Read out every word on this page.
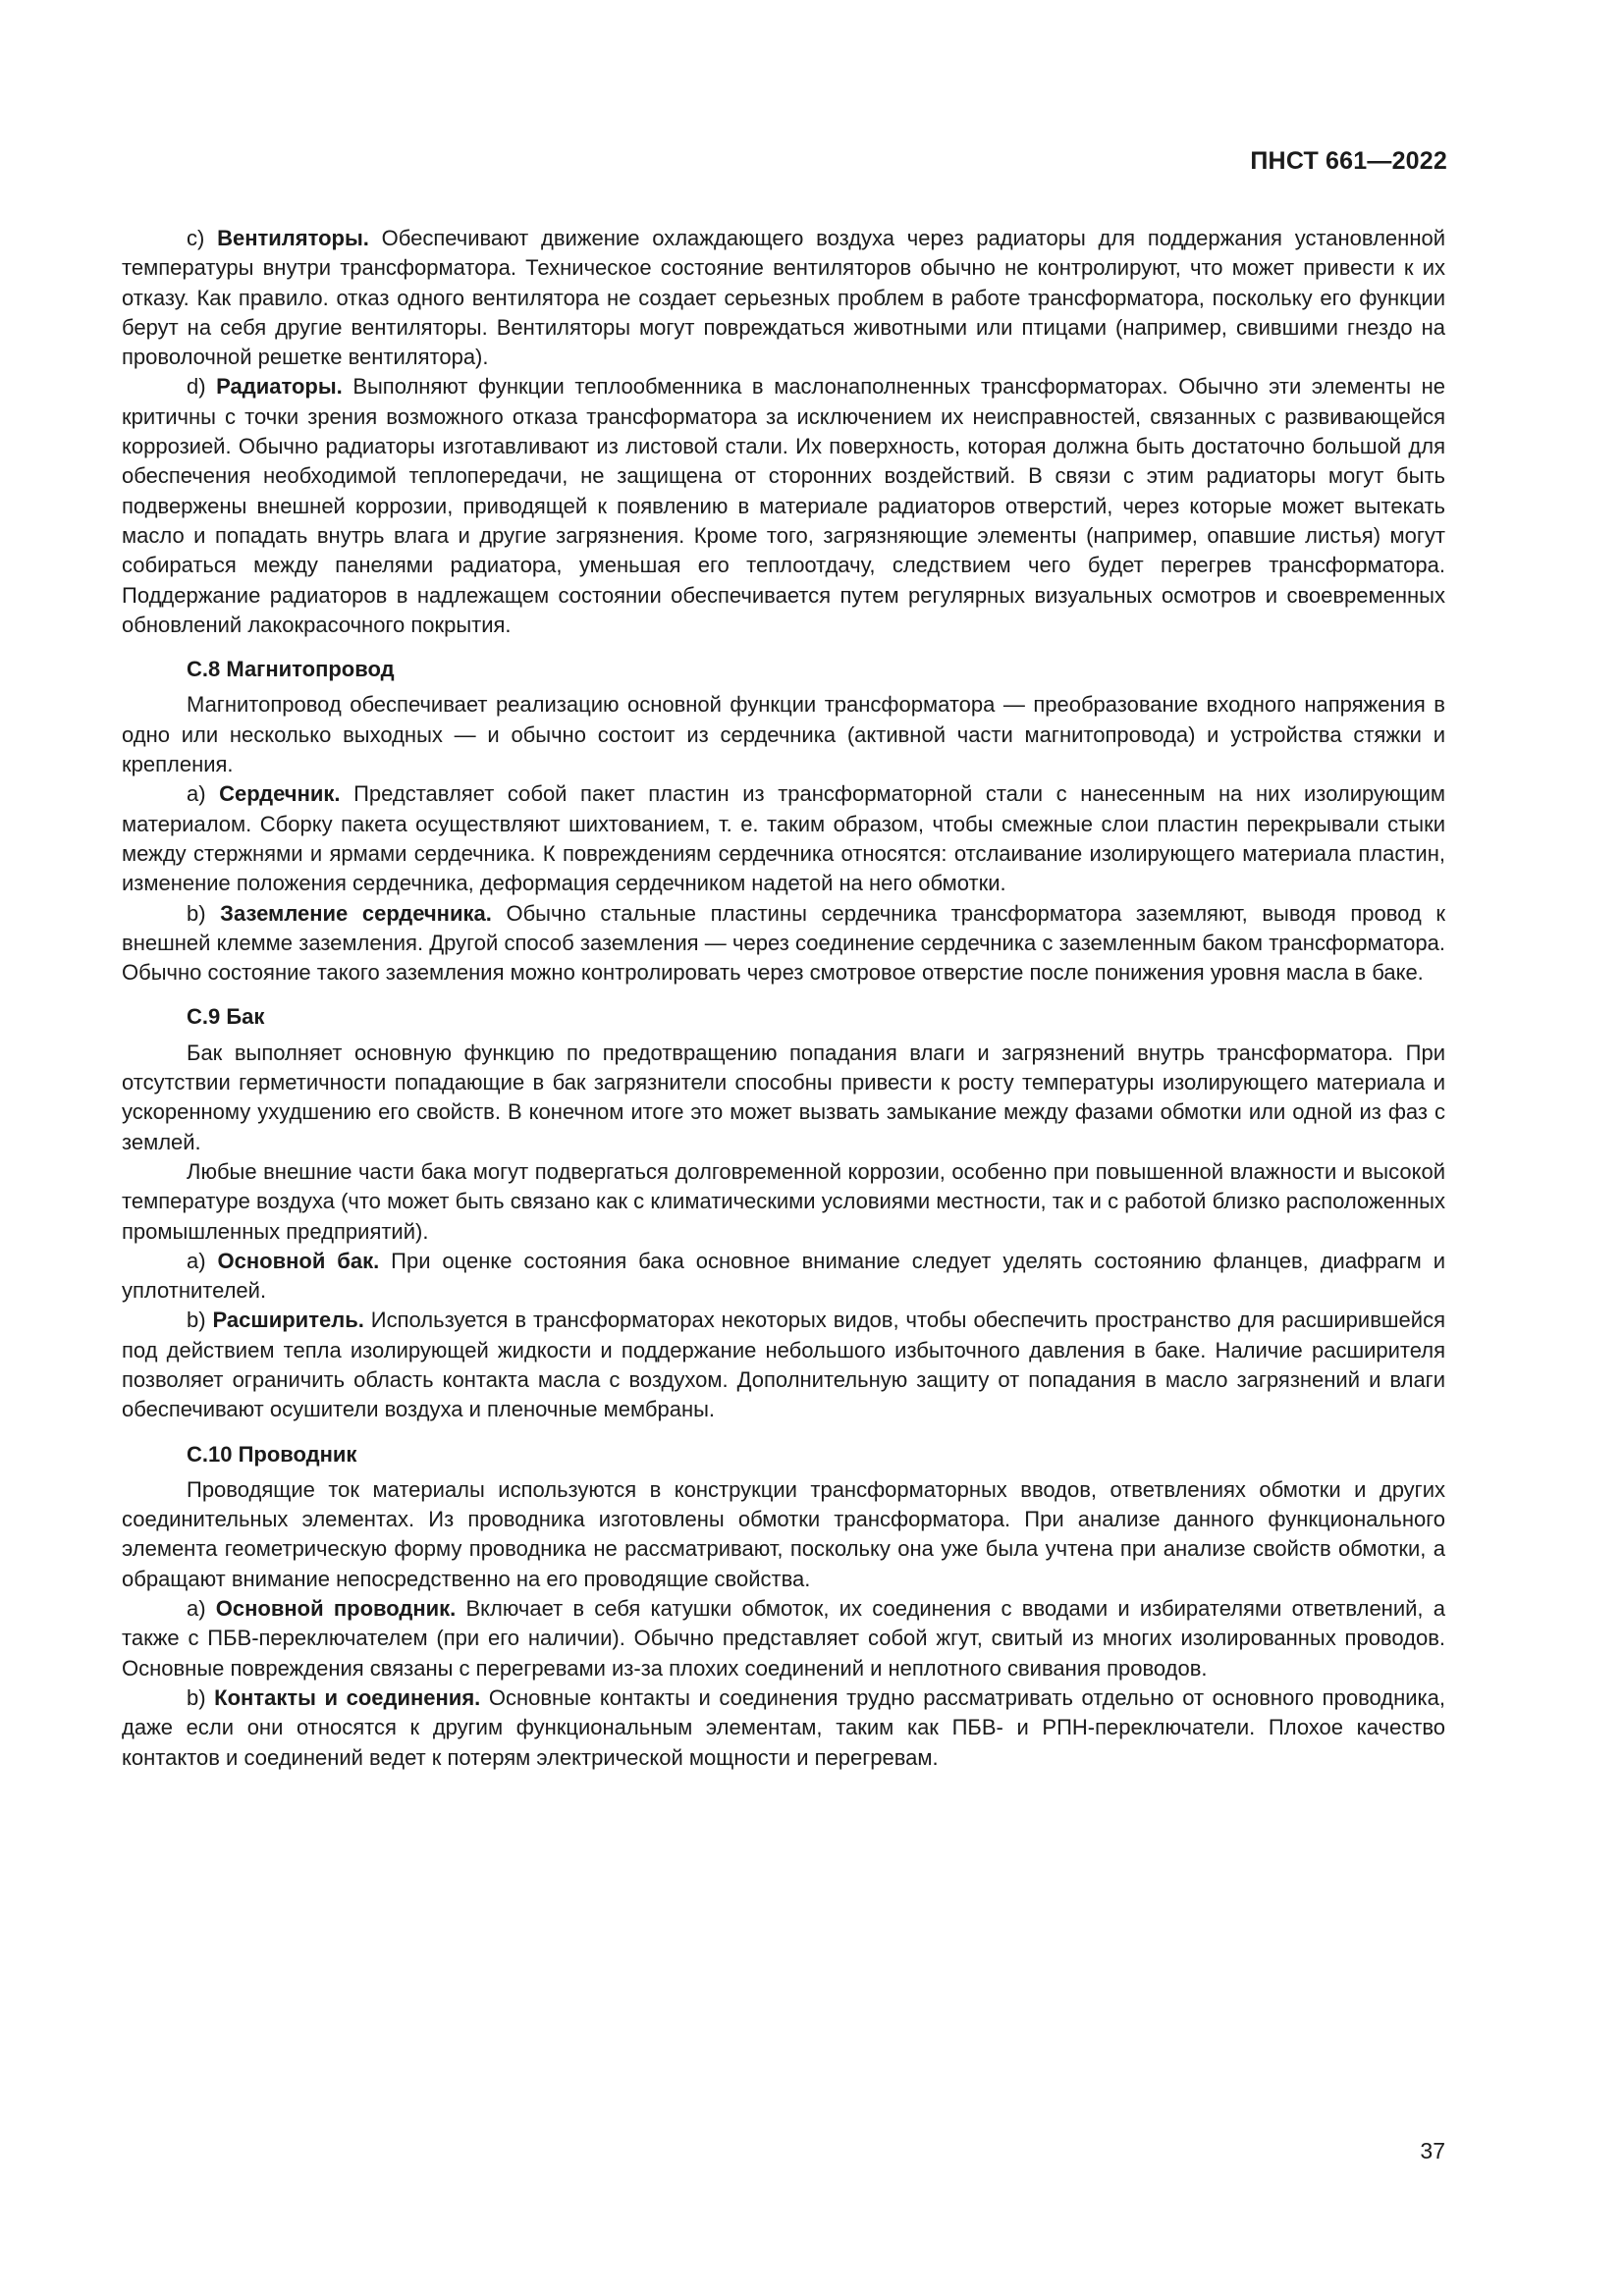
ПНСТ 661—2022

c) Вентиляторы. Обеспечивают движение охлаждающего воздуха через радиаторы для поддержания установленной температуры внутри трансформатора. Техническое состояние вентиляторов обычно не контролируют, что может привести к их отказу. Как правило. отказ одного вентилятора не создает серьезных проблем в работе трансформатора, поскольку его функции берут на себя другие вентиляторы. Вентиляторы могут повреждаться животными или птицами (например, свившими гнездо на проволочной решетке вентилятора).

d) Радиаторы. Выполняют функции теплообменника в маслонаполненных трансформаторах. Обычно эти элементы не критичны с точки зрения возможного отказа трансформатора за исключением их неисправностей, связанных с развивающейся коррозией. Обычно радиаторы изготавливают из листовой стали. Их поверхность, которая должна быть достаточно большой для обеспечения необходимой теплопередачи, не защищена от сторонних воздействий. В связи с этим радиаторы могут быть подвержены внешней коррозии, приводящей к появлению в материале радиаторов отверстий, через которые может вытекать масло и попадать внутрь влага и другие загрязнения. Кроме того, загрязняющие элементы (например, опавшие листья) могут собираться между панелями радиатора, уменьшая его теплоотдачу, следствием чего будет перегрев трансформатора. Поддержание радиаторов в надлежащем состоянии обеспечивается путем регулярных визуальных осмотров и своевременных обновлений лакокрасочного покрытия.

С.8 Магнитопровод

Магнитопровод обеспечивает реализацию основной функции трансформатора — преобразование входного напряжения в одно или несколько выходных — и обычно состоит из сердечника (активной части магнитопровода) и устройства стяжки и крепления.

a) Сердечник. Представляет собой пакет пластин из трансформаторной стали с нанесенным на них изолирующим материалом. Сборку пакета осуществляют шихтованием, т. е. таким образом, чтобы смежные слои пластин перекрывали стыки между стержнями и ярмами сердечника. К повреждениям сердечника относятся: отслаивание изолирующего материала пластин, изменение положения сердечника, деформация сердечником надетой на него обмотки.

b) Заземление сердечника. Обычно стальные пластины сердечника трансформатора заземляют, выводя провод к внешней клемме заземления. Другой способ заземления — через соединение сердечника с заземленным баком трансформатора. Обычно состояние такого заземления можно контролировать через смотровое отверстие после понижения уровня масла в баке.

С.9 Бак

Бак выполняет основную функцию по предотвращению попадания влаги и загрязнений внутрь трансформатора. При отсутствии герметичности попадающие в бак загрязнители способны привести к росту температуры изолирующего материала и ускоренному ухудшению его свойств. В конечном итоге это может вызвать замыкание между фазами обмотки или одной из фаз с землей.

Любые внешние части бака могут подвергаться долговременной коррозии, особенно при повышенной влажности и высокой температуре воздуха (что может быть связано как с климатическими условиями местности, так и с работой близко расположенных промышленных предприятий).

a) Основной бак. При оценке состояния бака основное внимание следует уделять состоянию фланцев, диафрагм и уплотнителей.

b) Расширитель. Используется в трансформаторах некоторых видов, чтобы обеспечить пространство для расширившейся под действием тепла изолирующей жидкости и поддержание небольшого избыточного давления в баке. Наличие расширителя позволяет ограничить область контакта масла с воздухом. Дополнительную защиту от попадания в масло загрязнений и влаги обеспечивают осушители воздуха и пленочные мембраны.

С.10 Проводник

Проводящие ток материалы используются в конструкции трансформаторных вводов, ответвлениях обмотки и других соединительных элементах. Из проводника изготовлены обмотки трансформатора. При анализе данного функционального элемента геометрическую форму проводника не рассматривают, поскольку она уже была учтена при анализе свойств обмотки, а обращают внимание непосредственно на его проводящие свойства.

a) Основной проводник. Включает в себя катушки обмоток, их соединения с вводами и избирателями ответвлений, а также с ПБВ-переключателем (при его наличии). Обычно представляет собой жгут, свитый из многих изолированных проводов. Основные повреждения связаны с перегревами из-за плохих соединений и неплотного свивания проводов.

b) Контакты и соединения. Основные контакты и соединения трудно рассматривать отдельно от основного проводника, даже если они относятся к другим функциональным элементам, таким как ПБВ- и РПН-переключатели. Плохое качество контактов и соединений ведет к потерям электрической мощности и перегревам.

37
